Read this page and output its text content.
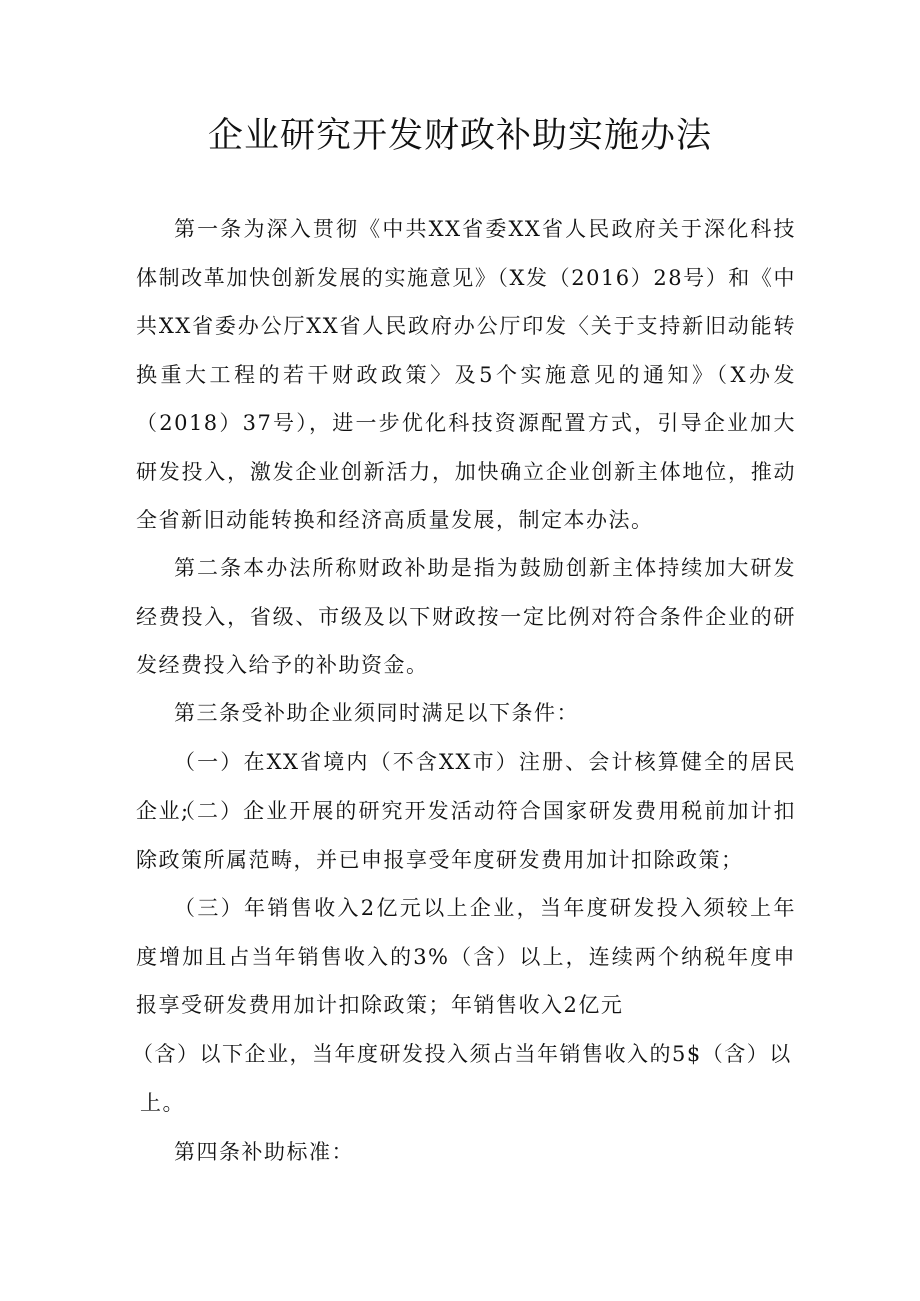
企业研究开发财政补助实施办法

第一条为深入贯彻《中共XX省委XX省人民政府关于深化科技体制改革加快创新发展的实施意见》（X发（2016）28号）和《中共XX省委办公厅XX省人民政府办公厅印发〈关于支持新旧动能转换重大工程的若干财政政策〉及5个实施意见的通知》（X办发（2018）37号），进一步优化科技资源配置方式，引导企业加大研发投入，激发企业创新活力，加快确立企业创新主体地位，推动全省新旧动能转换和经济高质量发展，制定本办法。

第二条本办法所称财政补助是指为鼓励创新主体持续加大研发经费投入，省级、市级及以下财政按一定比例对符合条件企业的研发经费投入给予的补助资金。

第三条受补助企业须同时满足以下条件：

（一）在XX省境内（不含XX市）注册、会计核算健全的居民企业;

（二）企业开展的研究开发活动符合国家研发费用税前加计扣除政策所属范畴，并已申报享受年度研发费用加计扣除政策；

（三）年销售收入2亿元以上企业，当年度研发投入须较上年度增加且占当年销售收入的3%（含）以上，连续两个纳税年度申报享受研发费用加计扣除政策；年销售收入2亿元

（含）以下企业，当年度研发投入须占当年销售收入的5$（含）以

上。

第四条补助标准：
